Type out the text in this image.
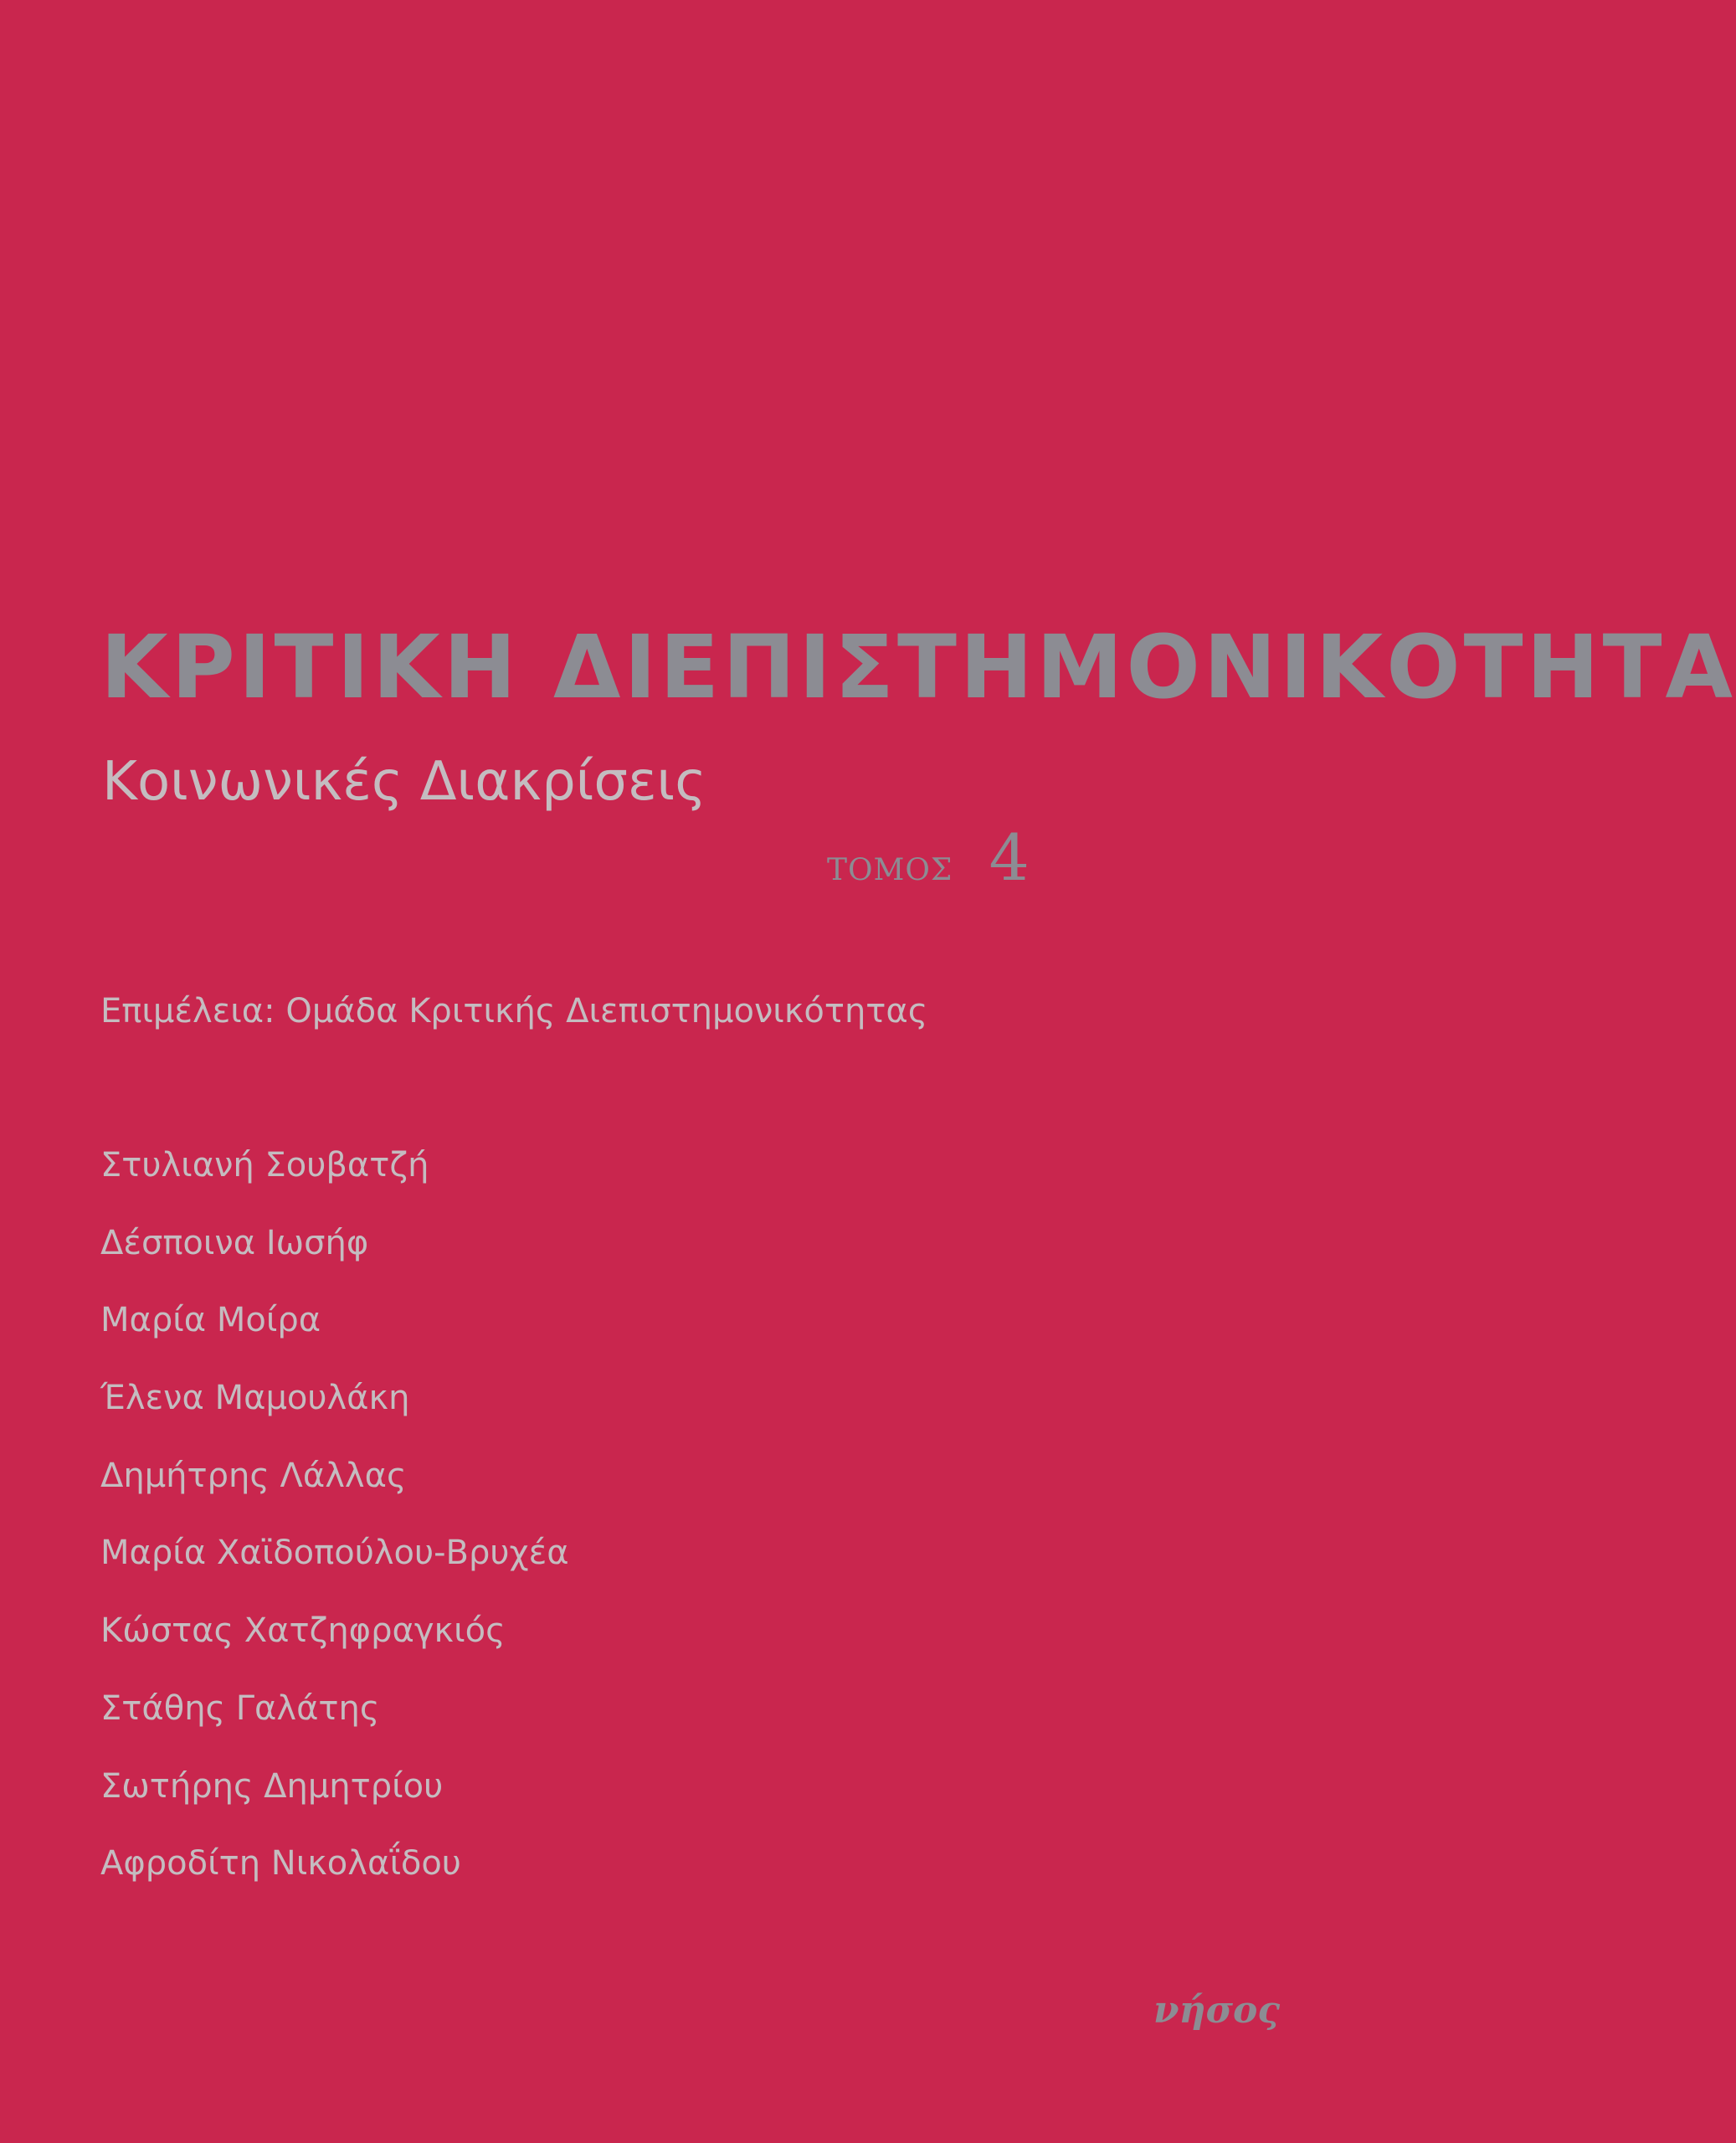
ΚΡΙΤΙΚΗ ΔΙΕΠΙΣΤΗΜΟΝΙΚΟΤΗΤΑ
Κοινωνικές Διακρίσεις
ΤΟΜΟΣ 4

Επιμέλεια: Ομάδα Κριτικής Διεπιστημονικότητας

Στυλιανή Σουβατζή
Δέσποινα Ιωσήφ
Μαρία Μοίρα
Έλενα Μαμουλάκη
Δημήτρης Λάλλας
Μαρία Χαϊδοπούλου-Βρυχέα
Κώστας Χατζηφραγκιός
Στάθης Γαλάτης
Σωτήρης Δημητρίου
Αφροδίτη Νικολαΐδου
νήσος
